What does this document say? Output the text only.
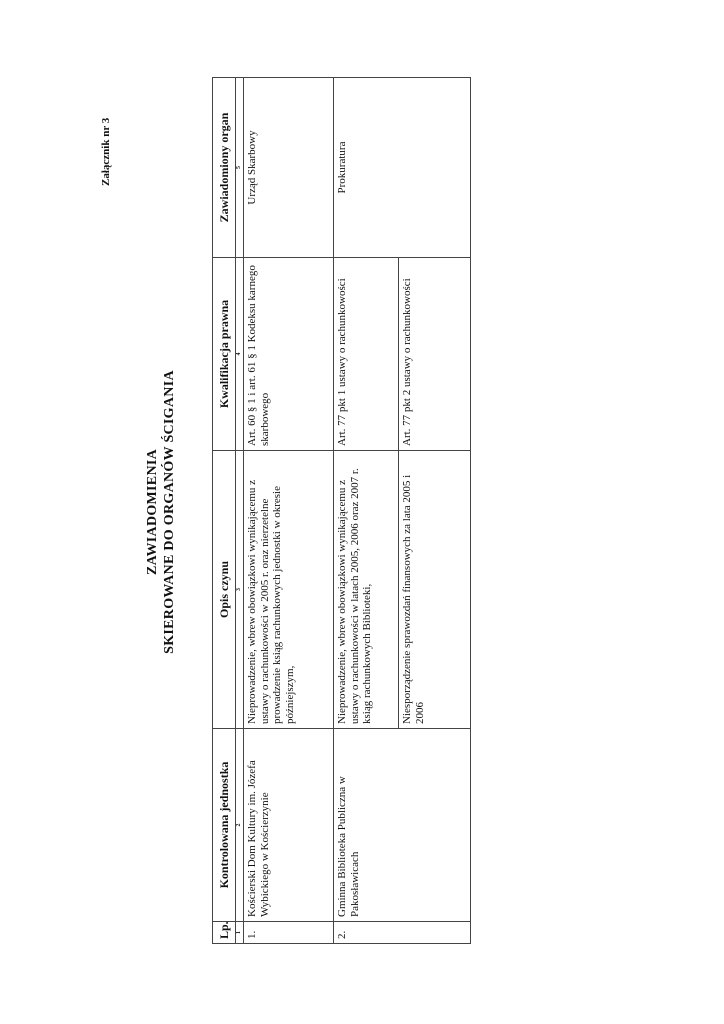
Załącznik nr 3
ZAWIADOMIENIA SKIEROWANE DO ORGANÓW ŚCIGANIA
Lp.	Kontrolowana jednostka	Opis czynu	Kwalifikacja prawna	Zawiadomiony organ
1	2	3	4	5
1.	Kościerski Dom Kultury im. Józefa Wybickiego w Kościerzynie	Nieprowadzenie, wbrew obowiązkowi wynikającemu z ustawy o rachunkowości w 2005 r. oraz nierzetelne prowadzenie ksiąg rachunkowych jednostki w okresie późniejszym,	Art. 60 § 1 i art. 61 § 1 Kodeksu karnego skarbowego	Urząd Skarbowy
2.	Gminna Biblioteka Publiczna w Pakosławicach	Nieprowadzenie, wbrew obowiązkowi wynikającemu z ustawy o rachunkowości w latach 2005, 2006 oraz 2007 r. ksiąg rachunkowych Biblioteki,	Art. 77 pkt 1 ustawy o rachunkowości	Prokuratura
		Niesporządzenie sprawozdań finansowych za lata 2005 i 2006	Art. 77 pkt 2 ustawy o rachunkowości	
